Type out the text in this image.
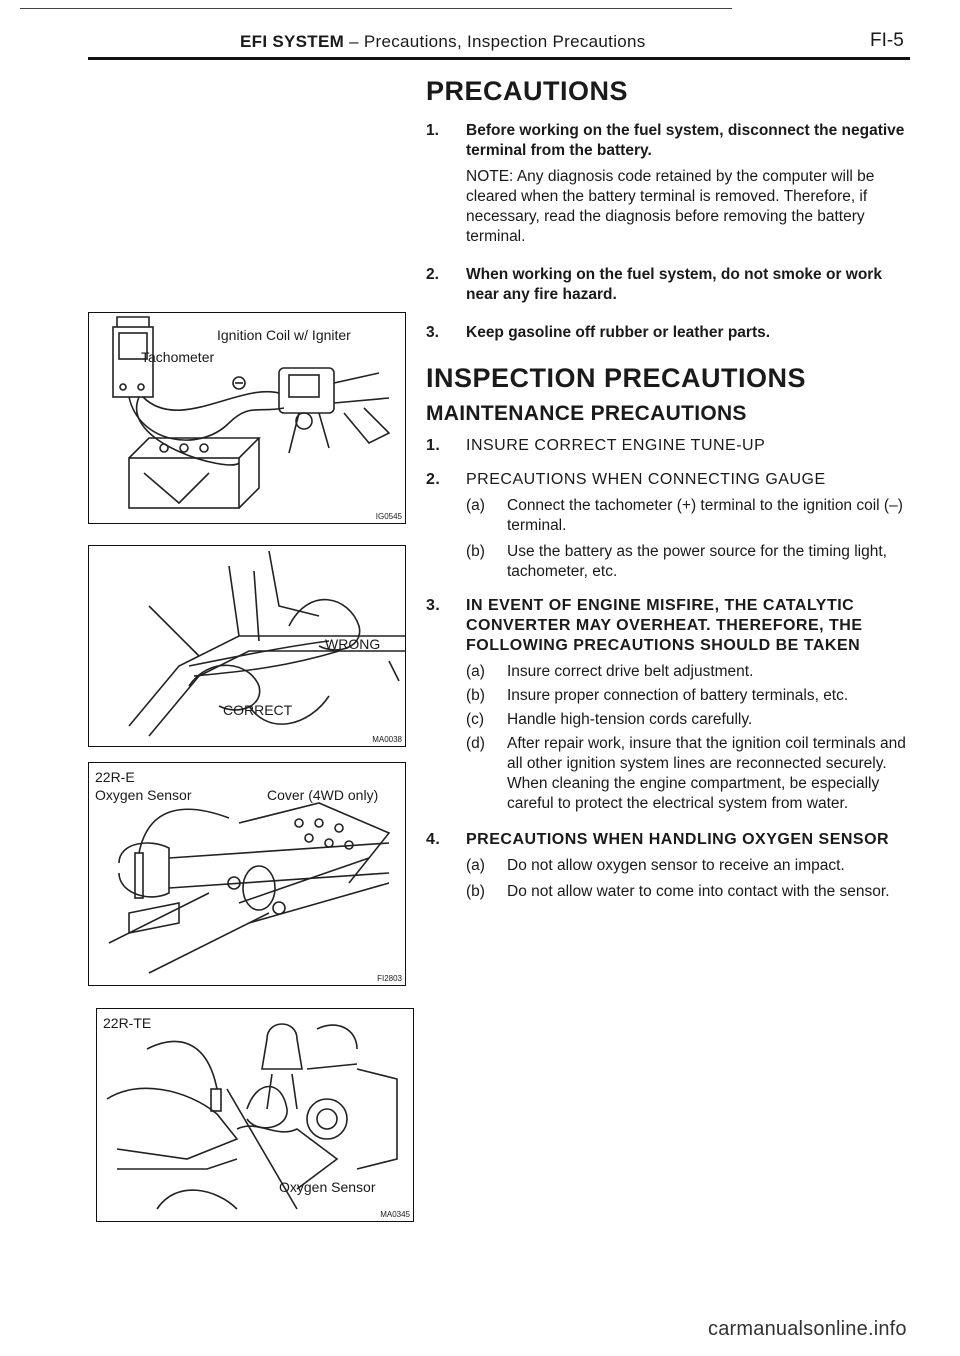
EFI SYSTEM – Precautions, Inspection Precautions	FI-5
PRECAUTIONS
1. Before working on the fuel system, disconnect the negative terminal from the battery.
NOTE: Any diagnosis code retained by the computer will be cleared when the battery terminal is removed. Therefore, if necessary, read the diagnosis before removing the battery terminal.
2. When working on the fuel system, do not smoke or work near any fire hazard.
3. Keep gasoline off rubber or leather parts.
INSPECTION PRECAUTIONS
MAINTENANCE PRECAUTIONS
1. INSURE CORRECT ENGINE TUNE-UP
2. PRECAUTIONS WHEN CONNECTING GAUGE
(a) Connect the tachometer (+) terminal to the ignition coil (–) terminal.
(b) Use the battery as the power source for the timing light, tachometer, etc.
3. IN EVENT OF ENGINE MISFIRE, THE CATALYTIC CONVERTER MAY OVERHEAT. THEREFORE, THE FOLLOWING PRECAUTIONS SHOULD BE TAKEN
(a) Insure correct drive belt adjustment.
(b) Insure proper connection of battery terminals, etc.
(c) Handle high-tension cords carefully.
(d) After repair work, insure that the ignition coil terminals and all other ignition system lines are reconnected securely.
When cleaning the engine compartment, be especially careful to protect the electrical system from water.
4. PRECAUTIONS WHEN HANDLING OXYGEN SENSOR
(a) Do not allow oxygen sensor to receive an impact.
(b) Do not allow water to come into contact with the sensor.
Ignition Coil w/ Igniter
Tachometer
IG0545
WRONG
CORRECT
MA0038
22R-E
Oxygen Sensor	Cover (4WD only)
FI2803
22R-TE
Oxygen Sensor
MA0345
carmanualsonline.info
